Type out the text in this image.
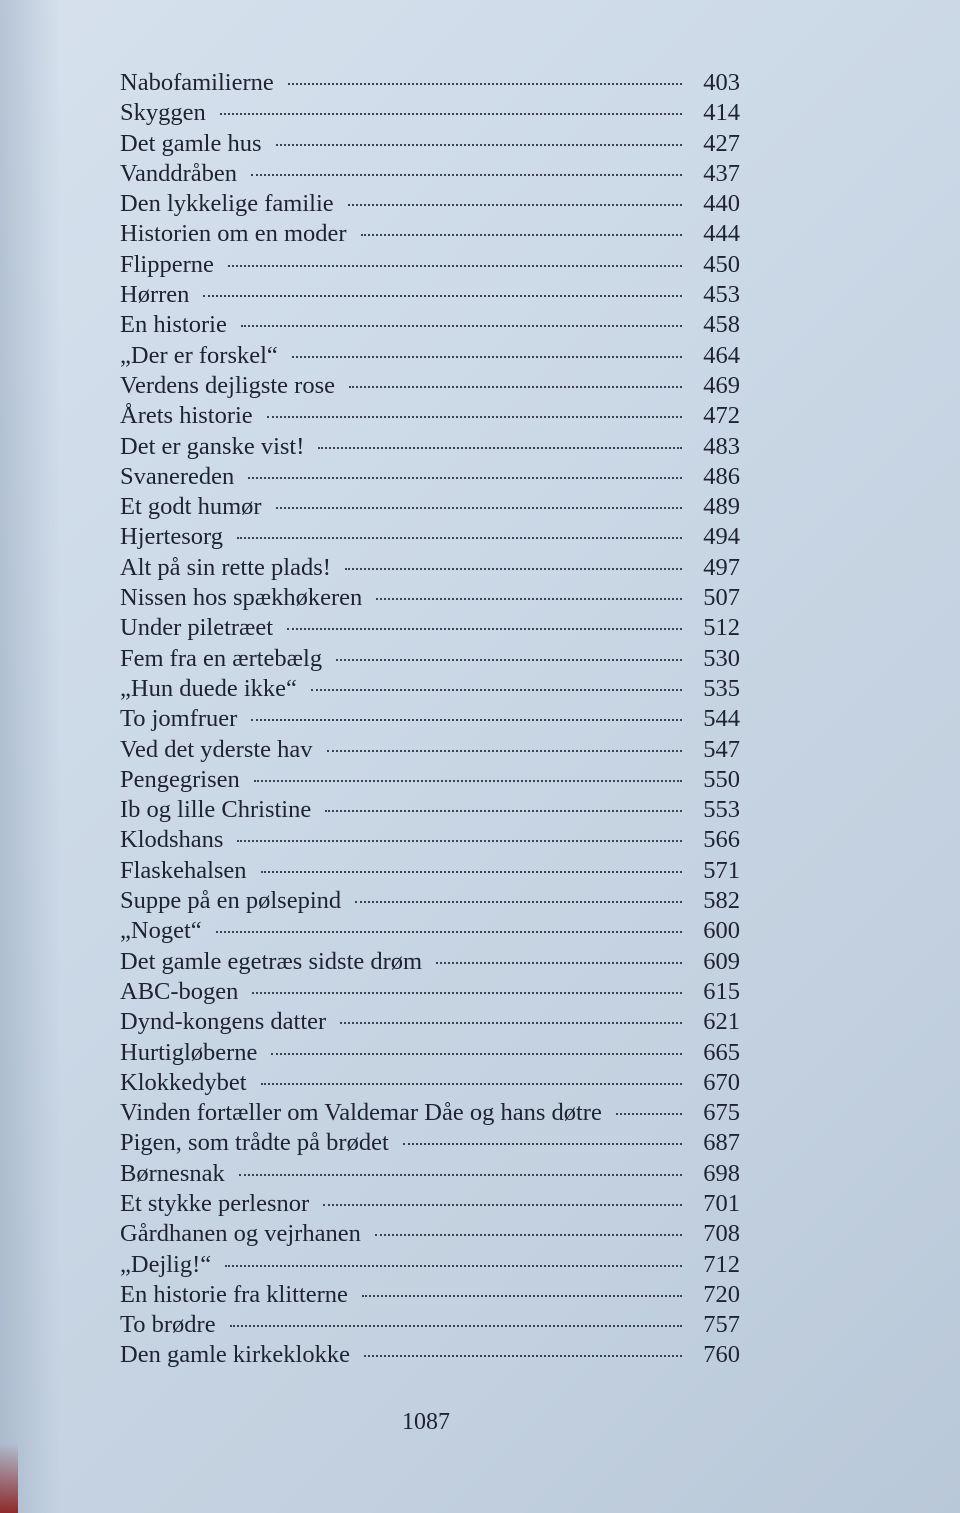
Nabofamilierne	403
Skyggen	414
Det gamle hus	427
Vanddråben	437
Den lykkelige familie	440
Historien om en moder	444
Flipperne	450
Hørren	453
En historie	458
„Der er forskel“	464
Verdens dejligste rose	469
Årets historie	472
Det er ganske vist!	483
Svanereden	486
Et godt humør	489
Hjertesorg	494
Alt på sin rette plads!	497
Nissen hos spækhøkeren	507
Under piletræet	512
Fem fra en ærtebælg	530
„Hun duede ikke“	535
To jomfruer	544
Ved det yderste hav	547
Pengegrisen	550
Ib og lille Christine	553
Klodshans	566
Flaskehalsen	571
Suppe på en pølsepind	582
„Noget“	600
Det gamle egetræs sidste drøm	609
ABC-bogen	615
Dynd-kongens datter	621
Hurtigløberne	665
Klokkedybet	670
Vinden fortæller om Valdemar Dåe og hans døtre	675
Pigen, som trådte på brødet	687
Børnesnak	698
Et stykke perlesnor	701
Gårdhanen og vejrhanen	708
„Dejlig!“	712
En historie fra klitterne	720
To brødre	757
Den gamle kirkeklokke	760
1087
